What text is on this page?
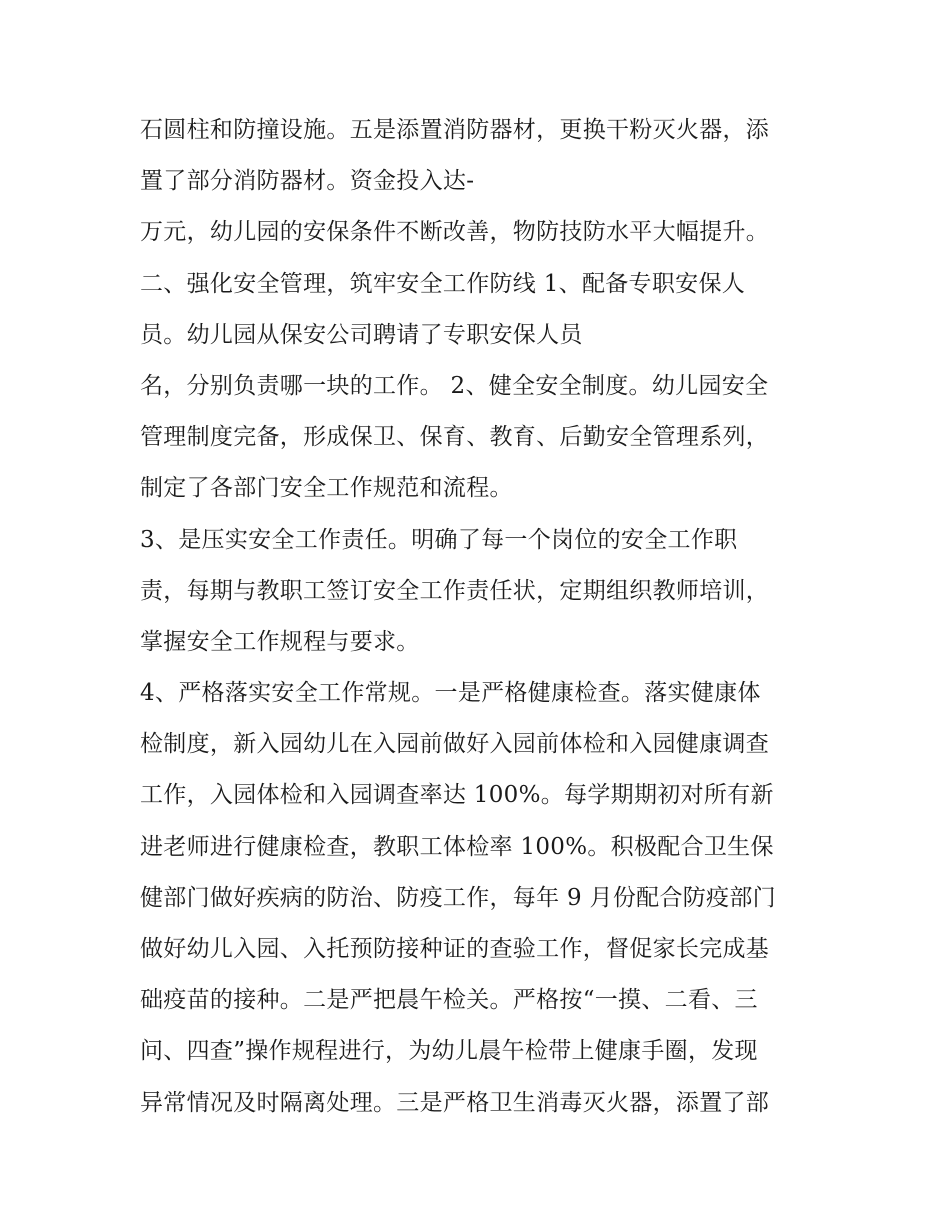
石圆柱和防撞设施。五是添置消防器材，更换干粉灭火器，添
置了部分消防器材。资金投入达-
万元，幼儿园的安保条件不断改善，物防技防水平大幅提升。
二、强化安全管理，筑牢安全工作防线 1、配备专职安保人
员。幼儿园从保安公司聘请了专职安保人员
名，分别负责哪一块的工作。 2、健全安全制度。幼儿园安全
管理制度完备，形成保卫、保育、教育、后勤安全管理系列，
制定了各部门安全工作规范和流程。
3、是压实安全工作责任。明确了每一个岗位的安全工作职
责，每期与教职工签订安全工作责任状，定期组织教师培训，
掌握安全工作规程与要求。
4、严格落实安全工作常规。一是严格健康检查。落实健康体
检制度，新入园幼儿在入园前做好入园前体检和入园健康调查
工作，入园体检和入园调查率达 100%。每学期期初对所有新
进老师进行健康检查，教职工体检率 100%。积极配合卫生保
健部门做好疾病的防治、防疫工作，每年 9 月份配合防疫部门
做好幼儿入园、入托预防接种证的查验工作，督促家长完成基
础疫苗的接种。二是严把晨午检关。严格按“一摸、二看、三
问、四查”操作规程进行，为幼儿晨午检带上健康手圈，发现
异常情况及时隔离处理。三是严格卫生消毒灭火器，添置了部
